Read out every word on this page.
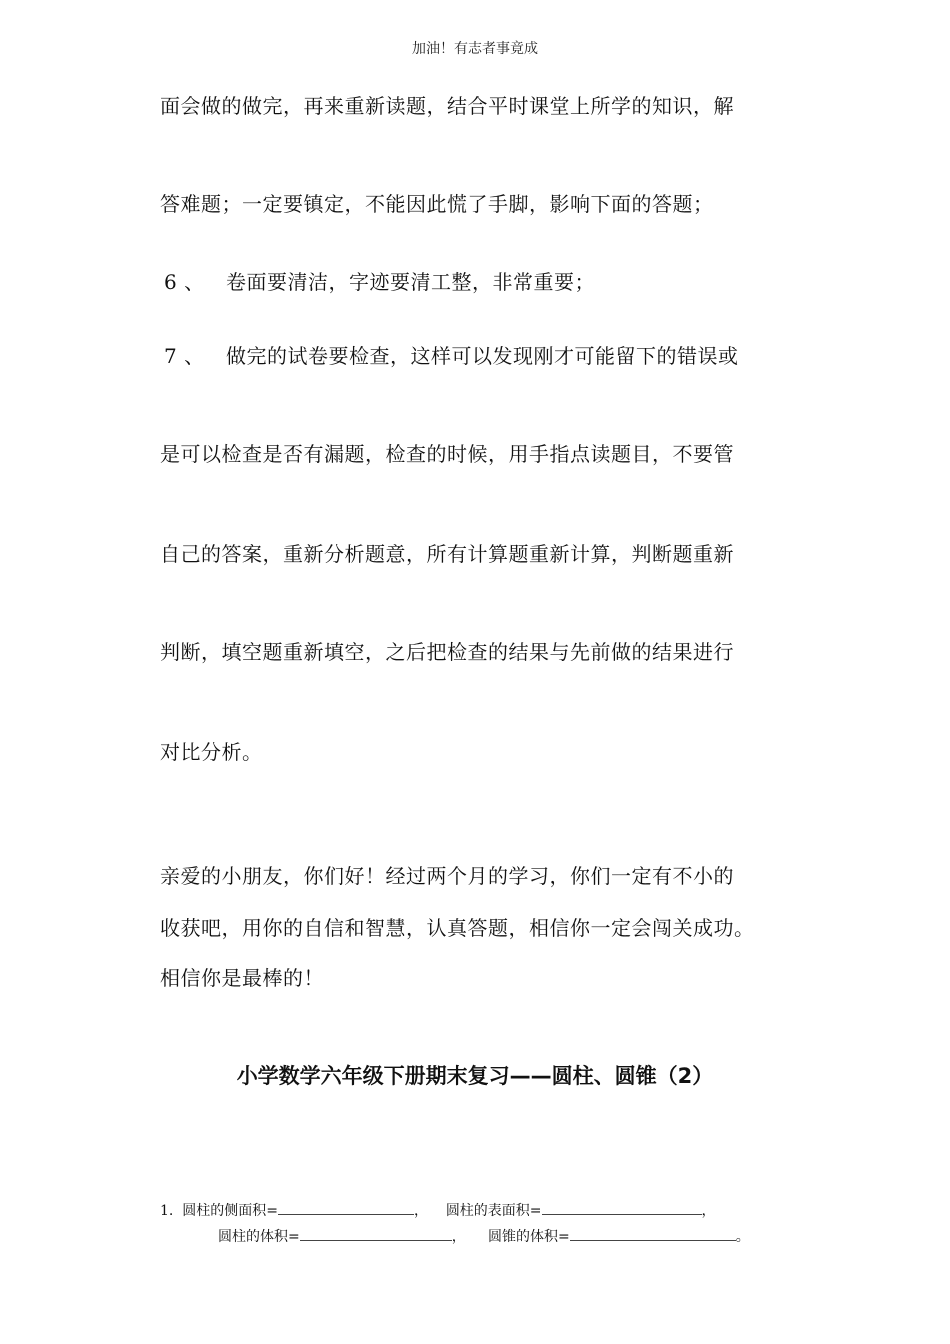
加油！有志者事竟成
面会做的做完，再来重新读题，结合平时课堂上所学的知识，解
答难题；一定要镇定，不能因此慌了手脚，影响下面的答题；
6 、 卷面要清洁，字迹要清工整，非常重要；
7 、 做完的试卷要检查，这样可以发现刚才可能留下的错误或
是可以检查是否有漏题，检查的时候，用手指点读题目，不要管
自己的答案，重新分析题意，所有计算题重新计算，判断题重新
判断，填空题重新填空，之后把检查的结果与先前做的结果进行
对比分析。
亲爱的小朋友，你们好！经过两个月的学习，你们一定有不小的
收获吧，用你的自信和智慧，认真答题，相信你一定会闯关成功。
相信你是最棒的！
小学数学六年级下册期末复习——圆柱、圆锥（2）
1. 圆柱的侧面积=	， 圆柱的表面积=	，
圆柱的体积=	， 圆锥的体积=	。
